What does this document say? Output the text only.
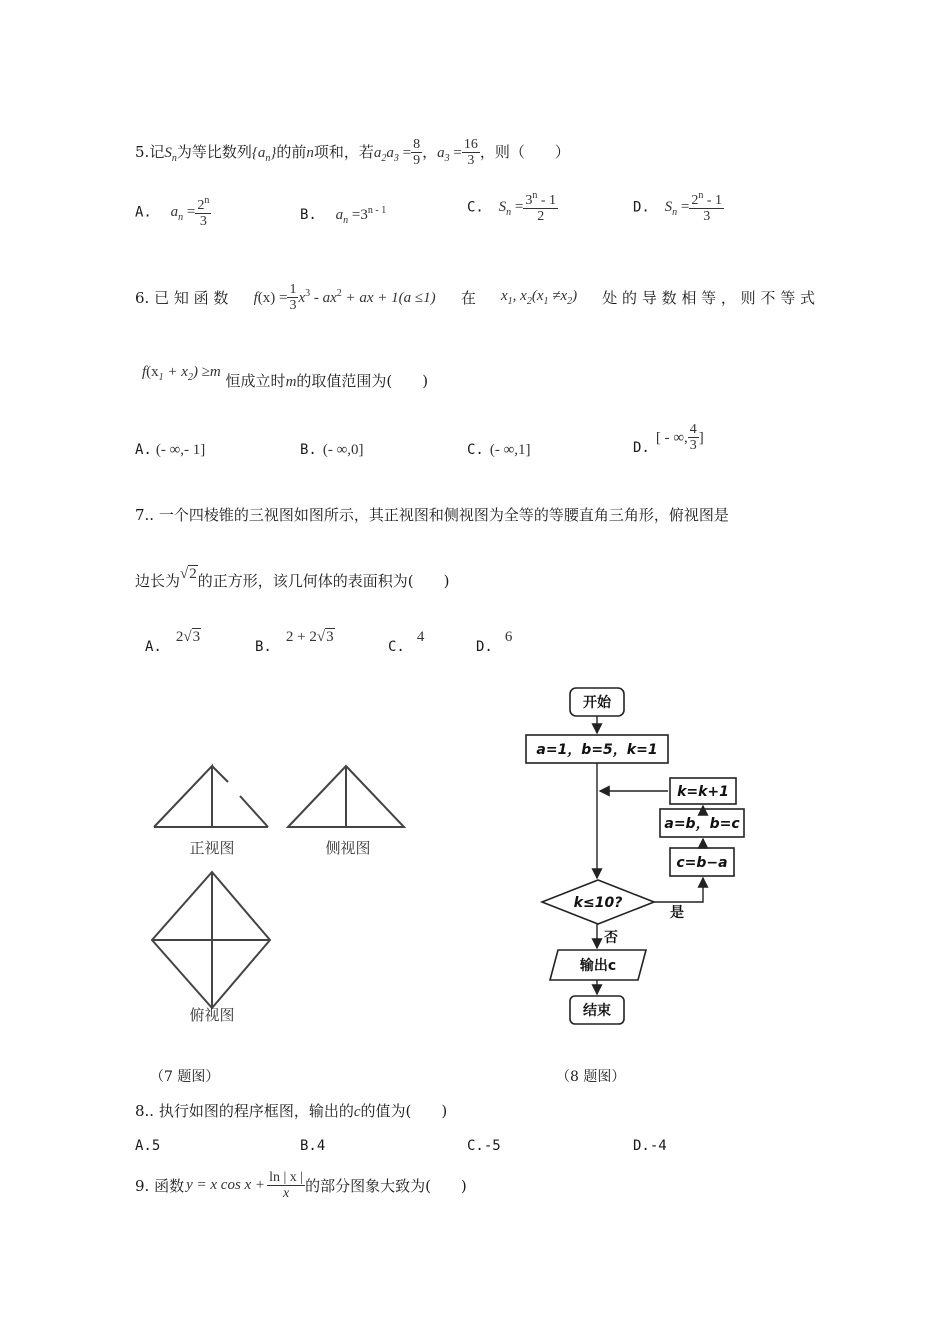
5.记$S_n$为等比数列$\{a_n\}$的前n项和，若$a_2a_3 = \frac{8}{9}$ ，$a_3 = \frac{16}{3}$ ，则（　　）
A. $a_n = \frac{2^n}{3}$	B. $a_n =3^{n - 1}$	C. $S_n = \frac{3^n - 1}{2}$	D. $S_n = \frac{2^n - 1}{3}$
6. 已 知 函 数 $f(x) = \frac{1}{3} x^3 - ax^2$ + ax + 1(a ≤1) 在 $x_1$, $x_2(x_1 \ne x_2)$ 处 的 导 数 相 等 ， 则 不 等 式
$f(x_1 + x_2) \ge m$ 恒成立时m的取值范围为(　　)
A. (- ∞,- 1]	B. (- ∞,0]	C. (- ∞,1]	D.[ - ∞, $\frac{4}{3}$ ]
7.. 一个四棱锥的三视图如图所示，其正视图和侧视图为全等的等腰直角三角形，俯视图是
边长为√2的正方形，该几何体的表面积为(　　)
A.2√3
B.2 + 2√3
C.4
D.6
正视图	侧视图
俯视图
（7 题图）
开始
a=1，b=5，k=1
k=k+1
a=b，b=c
c=b−a
k≤10?
是
否
输出c
结束
（8 题图）
8.. 执行如图的程序框图，输出的c的值为(　　)
A.5	B.4	C.-5	D.-4
9. 函数 y = x $\cos x + \frac{\ln | x |}{x}$ 的部分图象大致为(　　)
